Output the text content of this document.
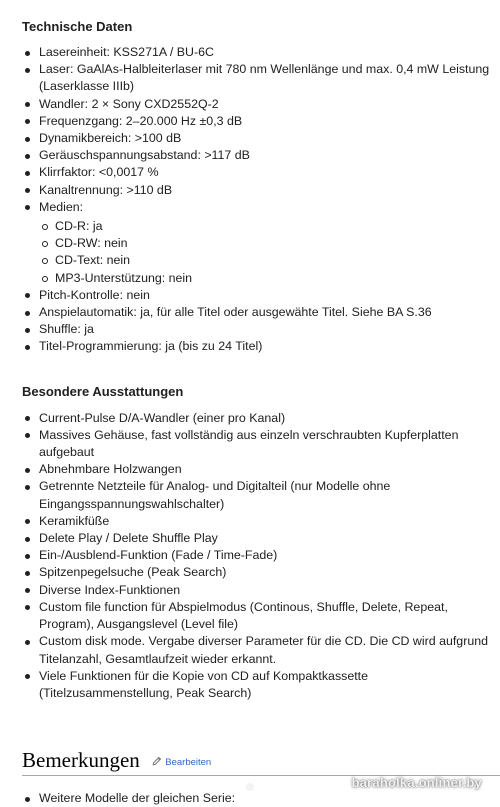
Technische Daten
Lasereinheit: KSS271A / BU-6C
Laser: GaAlAs-Halbleiterlaser mit 780 nm Wellenlänge und max. 0,4 mW Leistung (Laserklasse IIIb)
Wandler: 2 × Sony CXD2552Q-2
Frequenzgang: 2–20.000 Hz ±0,3 dB
Dynamikbereich: >100 dB
Geräuschspannungsabstand: >117 dB
Klirrfaktor: <0,0017 %
Kanaltrennung: >110 dB
Medien:
CD-R: ja
CD-RW: nein
CD-Text: nein
MP3-Unterstützung: nein
Pitch-Kontrolle: nein
Anspielautomatik: ja, für alle Titel oder ausgewähte Titel. Siehe BA S.36
Shuffle: ja
Titel-Programmierung: ja (bis zu 24 Titel)
Besondere Ausstattungen
Current-Pulse D/A-Wandler (einer pro Kanal)
Massives Gehäuse, fast vollständig aus einzeln verschraubten Kupferplatten aufgebaut
Abnehmbare Holzwangen
Getrennte Netzteile für Analog- und Digitalteil (nur Modelle ohne Eingangsspannungswahlschalter)
Keramikfüße
Delete Play / Delete Shuffle Play
Ein-/Ausblend-Funktion (Fade / Time-Fade)
Spitzenpegelsuche (Peak Search)
Diverse Index-Funktionen
Custom file function für Abspielmodus (Continous, Shuffle, Delete, Repeat, Program), Ausgangslevel (Level file)
Custom disk mode. Vergabe diverser Parameter für die CD. Die CD wird aufgrund Titelanzahl, Gesamtlaufzeit wieder erkannt.
Viele Funktionen für die Kopie von CD auf Kompaktkassette (Titelzusammenstellung, Peak Search)
Bemerkungen	Bearbeiten
Weitere Modelle der gleichen Serie:
baraholka.onliner.by
